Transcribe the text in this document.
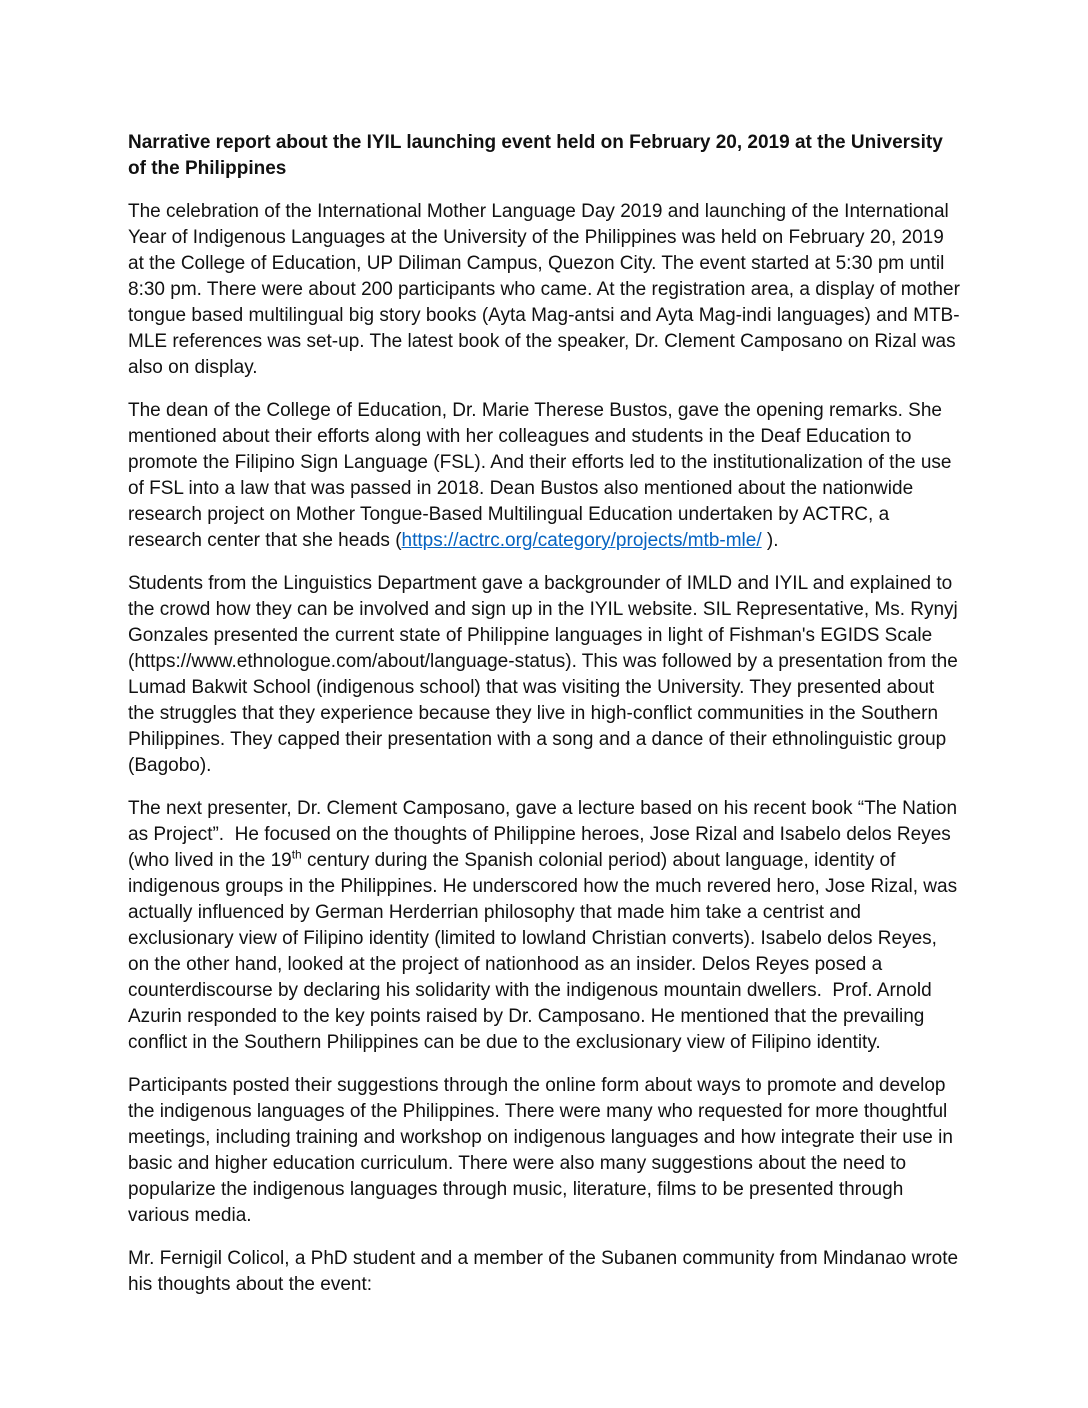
Narrative report about the IYIL launching event held on February 20, 2019 at the University of the Philippines

The celebration of the International Mother Language Day 2019 and launching of the International Year of Indigenous Languages at the University of the Philippines was held on February 20, 2019 at the College of Education, UP Diliman Campus, Quezon City. The event started at 5:30 pm until 8:30 pm. There were about 200 participants who came. At the registration area, a display of mother tongue based multilingual big story books (Ayta Mag-antsi and Ayta Mag-indi languages) and MTB-MLE references was set-up. The latest book of the speaker, Dr. Clement Camposano on Rizal was also on display.

The dean of the College of Education, Dr. Marie Therese Bustos, gave the opening remarks. She mentioned about their efforts along with her colleagues and students in the Deaf Education to promote the Filipino Sign Language (FSL). And their efforts led to the institutionalization of the use of FSL into a law that was passed in 2018. Dean Bustos also mentioned about the nationwide research project on Mother Tongue-Based Multilingual Education undertaken by ACTRC, a research center that she heads (https://actrc.org/category/projects/mtb-mle/ ).

Students from the Linguistics Department gave a backgrounder of IMLD and IYIL and explained to the crowd how they can be involved and sign up in the IYIL website. SIL Representative, Ms. Rynyj Gonzales presented the current state of Philippine languages in light of Fishman's EGIDS Scale (https://www.ethnologue.com/about/language-status). This was followed by a presentation from the Lumad Bakwit School (indigenous school) that was visiting the University. They presented about the struggles that they experience because they live in high-conflict communities in the Southern Philippines. They capped their presentation with a song and a dance of their ethnolinguistic group (Bagobo).

The next presenter, Dr. Clement Camposano, gave a lecture based on his recent book “The Nation as Project”.  He focused on the thoughts of Philippine heroes, Jose Rizal and Isabelo delos Reyes (who lived in the 19th century during the Spanish colonial period) about language, identity of indigenous groups in the Philippines. He underscored how the much revered hero, Jose Rizal, was actually influenced by German Herderrian philosophy that made him take a centrist and exclusionary view of Filipino identity (limited to lowland Christian converts). Isabelo delos Reyes, on the other hand, looked at the project of nationhood as an insider. Delos Reyes posed a counterdiscourse by declaring his solidarity with the indigenous mountain dwellers.  Prof. Arnold Azurin responded to the key points raised by Dr. Camposano. He mentioned that the prevailing conflict in the Southern Philippines can be due to the exclusionary view of Filipino identity.

Participants posted their suggestions through the online form about ways to promote and develop the indigenous languages of the Philippines. There were many who requested for more thoughtful meetings, including training and workshop on indigenous languages and how integrate their use in basic and higher education curriculum. There were also many suggestions about the need to popularize the indigenous languages through music, literature, films to be presented through various media.

Mr. Fernigil Colicol, a PhD student and a member of the Subanen community from Mindanao wrote his thoughts about the event:
